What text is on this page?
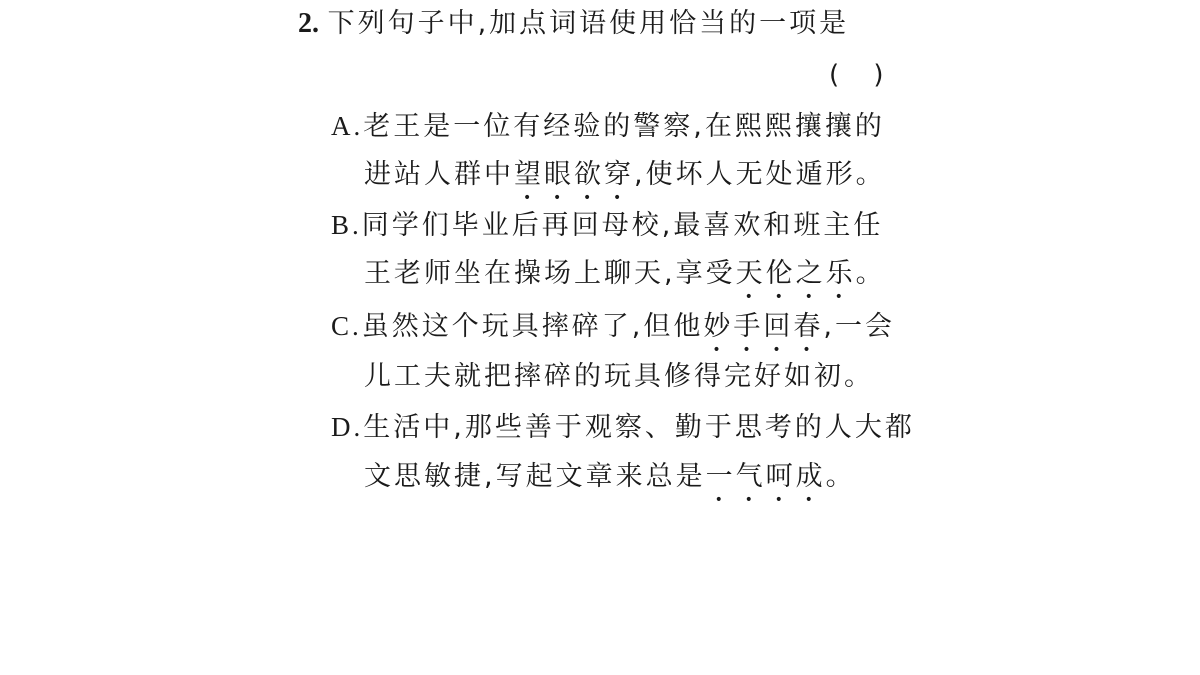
2. 下列句子中,加点词语使用恰当的一项是
(　 )
A.老王是一位有经验的警察,在熙熙攘攘的
进站人群中望眼欲穿,使坏人无处遁形。
B.同学们毕业后再回母校,最喜欢和班主任
王老师坐在操场上聊天,享受天伦之乐。
C.虽然这个玩具摔碎了,但他妙手回春,一会
儿工夫就把摔碎的玩具修得完好如初。
D.生活中,那些善于观察、勤于思考的人大都
文思敏捷,写起文章来总是一气呵成。
